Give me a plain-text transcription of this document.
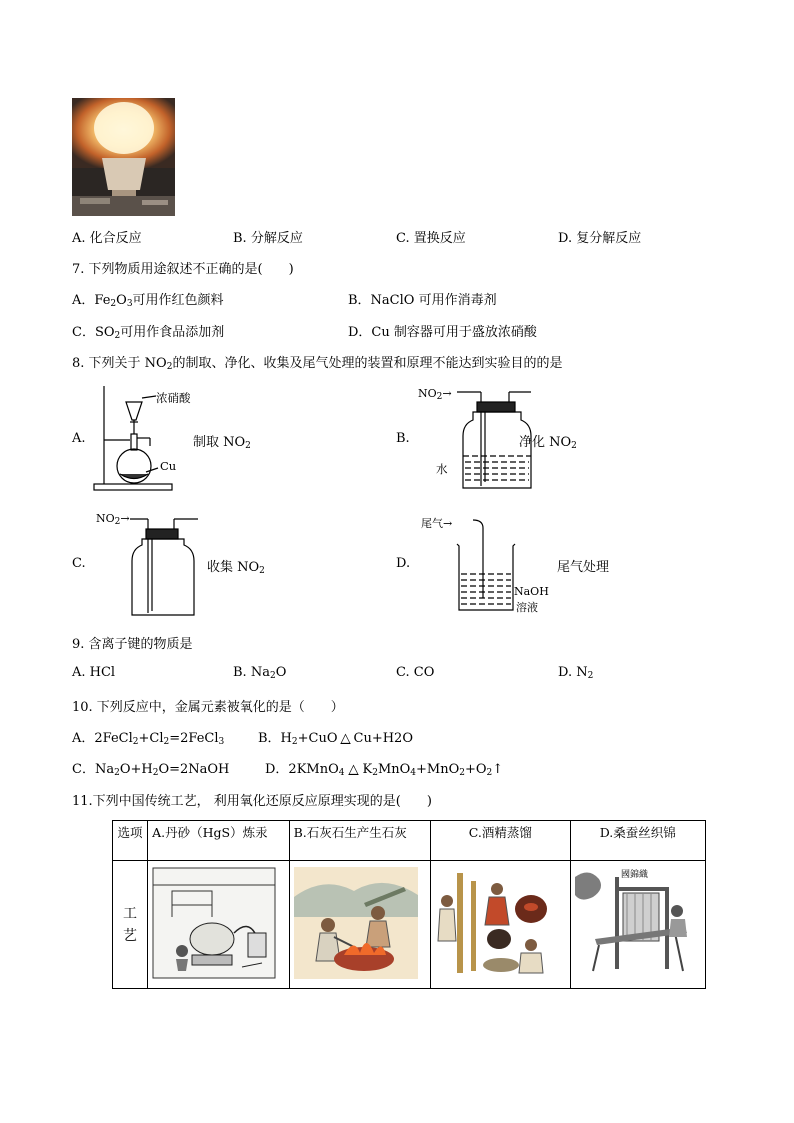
A. 化合反应	B. 分解反应	C. 置换反应	D. 复分解反应
7. 下列物质用途叙述不正确的是(　　)
A．$Fe_2O_3$可用作红色颜料	B．NaClO 可用作消毒剂
C．$SO_2$可用作食品添加剂	D．Cu 制容器可用于盛放浓硝酸
8. 下列关于 $NO_2$的制取、净化、收集及尾气处理的装置和原理不能达到实验目的的是
A.
浓硝酸
Cu
制取 $NO_2$	B.
$NO_2\to$
水
净化 $NO_2$
C.
$NO_2\to$
收集 $NO_2$	D.
尾气→
NaOH
溶液
尾气处理
9. 含离子键的物质是
A. HCl	B. $Na_2O$	C. CO	D. $N_2$
10. 下列反应中，金属元素被氧化的是（　　）
A．$2FeCl_2+Cl_2=2FeCl_3$	B．$H_2+CuO$ △ Cu+H2O
C．$Na_2O+H_2O=2NaOH$	D．2KMnO$_4$ △ $K_2MnO_4+MnO_2+O_2↑$
11.下列中国传统工艺， 利用氧化还原反应原理实现的是(　　)
选项	A.丹砂（HgS）炼汞	B.石灰石生产生石灰	C.酒精蒸馏	D.桑蚕丝织锦
工艺				
國錦織
